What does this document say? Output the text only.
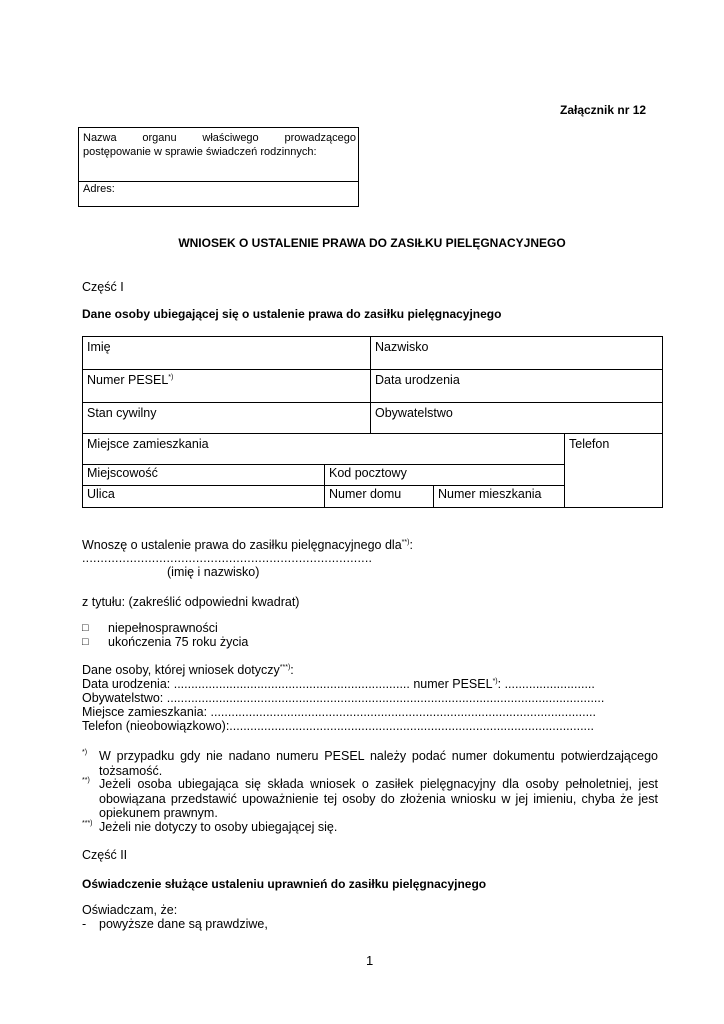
Załącznik nr 12
Nazwa organu właściwego prowadzącego postępowanie w sprawie świadczeń rodzinnych:
Adres:
WNIOSEK O USTALENIE PRAWA DO ZASIŁKU PIELĘGNACYJNEGO
Część I
Dane osoby ubiegającej się o ustalenie prawa do zasiłku pielęgnacyjnego
Imię	Nazwisko
Numer PESEL*)	Data urodzenia
Stan cywilny	Obywatelstwo
Miejsce zamieszkania	Telefon
Miejscowość	Kod pocztowy
Ulica	Numer domu	Numer mieszkania
Wnoszę o ustalenie prawa do zasiłku pielęgnacyjnego dla**):
...............................................................................
(imię i nazwisko)
z tytułu: (zakreślić odpowiedni kwadrat)
□ niepełnosprawności
□ ukończenia 75 roku życia
Dane osoby, której wniosek dotyczy***):
Data urodzenia: .................................................................... numer PESEL*): ..........................
Obywatelstwo: ..............................................................................................................................
Miejsce zamieszkania: ...............................................................................................................
Telefon (nieobowiązkowo):.........................................................................................................
*) W przypadku gdy nie nadano numeru PESEL należy podać numer dokumentu potwierdzającego tożsamość.
**) Jeżeli osoba ubiegająca się składa wniosek o zasiłek pielęgnacyjny dla osoby pełnoletniej, jest obowiązana przedstawić upoważnienie tej osoby do złożenia wniosku w jej imieniu, chyba że jest opiekunem prawnym.
***) Jeżeli nie dotyczy to osoby ubiegającej się.
Część II
Oświadczenie służące ustaleniu uprawnień do zasiłku pielęgnacyjnego
Oświadczam, że:
- powyższe dane są prawdziwe,
1
